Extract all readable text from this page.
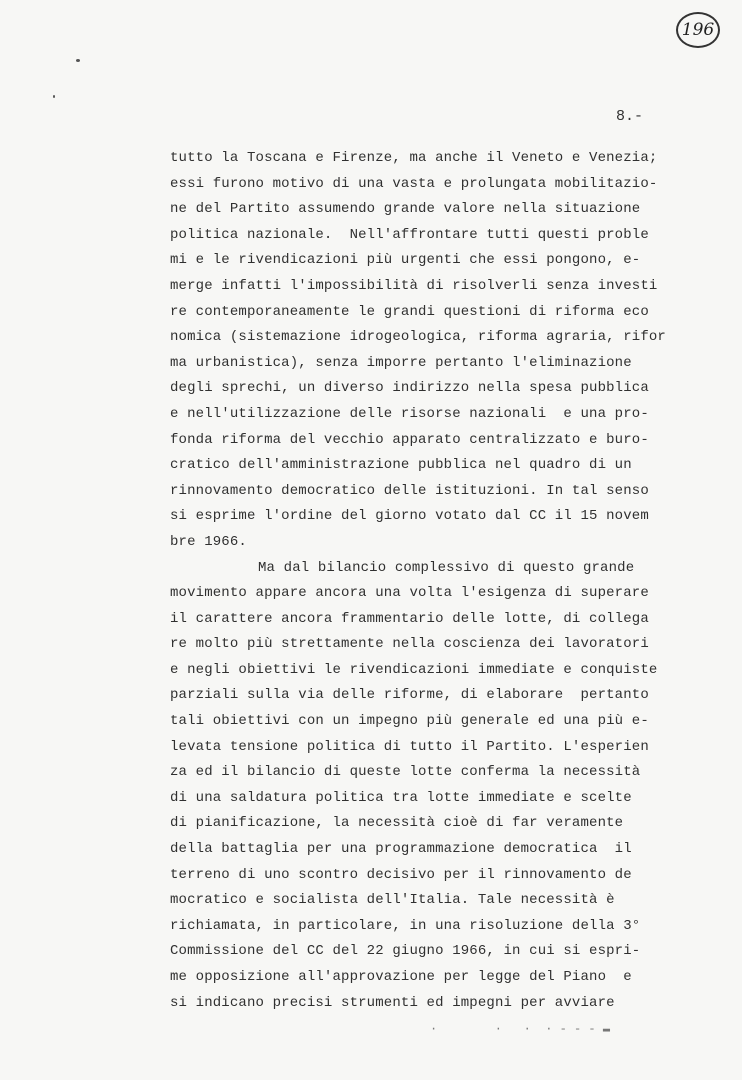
196
8.-
tutto la Toscana e Firenze, ma anche il Veneto e Venezia;
essi furono motivo di una vasta e prolungata mobilitazio-
ne del Partito assumendo grande valore nella situazione
politica nazionale.  Nell'affrontare tutti questi proble
mi e le rivendicazioni più urgenti che essi pongono, e-
merge infatti l'impossibilità di risolverli senza investi
re contemporaneamente le grandi questioni di riforma eco
nomica (sistemazione idrogeologica, riforma agraria, rifor
ma urbanistica), senza imporre pertanto l'eliminazione
degli sprechi, un diverso indirizzo nella spesa pubblica
e nell'utilizzazione delle risorse nazionali  e una pro-
fonda riforma del vecchio apparato centralizzato e buro-
cratico dell'amministrazione pubblica nel quadro di un
rinnovamento democratico delle istituzioni. In tal senso
si esprime l'ordine del giorno votato dal CC il 15 novem
bre 1966.
Ma dal bilancio complessivo di questo grande
movimento appare ancora una volta l'esigenza di superare
il carattere ancora frammentario delle lotte, di collega
re molto più strettamente nella coscienza dei lavoratori
e negli obiettivi le rivendicazioni immediate e conquiste
parziali sulla via delle riforme, di elaborare  pertanto
tali obiettivi con un impegno più generale ed una più e-
levata tensione politica di tutto il Partito. L'esperien
za ed il bilancio di queste lotte conferma la necessità
di una saldatura politica tra lotte immediate e scelte
di pianificazione, la necessità cioè di far veramente
della battaglia per una programmazione democratica  il
terreno di uno scontro decisivo per il rinnovamento de
mocratico e socialista dell'Italia. Tale necessità è
richiamata, in particolare, in una risoluzione della 3°
Commissione del CC del 22 giugno 1966, in cui si espri-
me opposizione all'approvazione per legge del Piano  e
si indicano precisi strumenti ed impegni per avviare
·        ·   ·  · ‑ ‑ ‑ ▬
